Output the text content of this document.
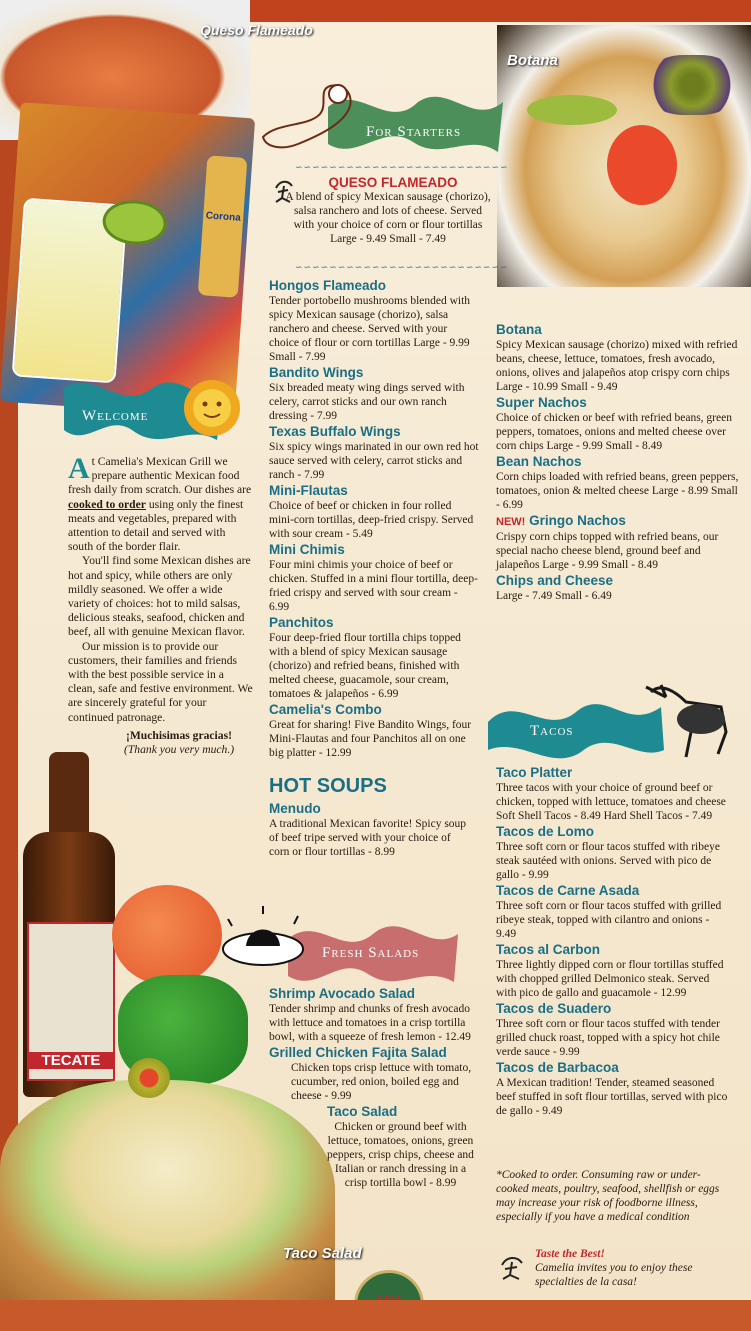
Queso Flameado
Corona
Botana
For Starters
∽∽∽∽∽∽∽∽∽∽∽∽∽∽∽∽∽∽∽∽∽∽∽∽∽
QUESO FLAMEADO
A blend of spicy Mexican sausage (chorizo), salsa ranchero and lots of cheese. Served with your choice of corn or flour tortillas
Large - 9.49 Small - 7.49
∽∽∽∽∽∽∽∽∽∽∽∽∽∽∽∽∽∽∽∽∽∽∽∽∽
Hongos Flameado
Tender portobello mushrooms blended with spicy Mexican sausage (chorizo), salsa ranchero and cheese. Served with your choice of flour or corn tortillas Large - 9.99 Small - 7.99
Bandito Wings
Six breaded meaty wing dings served with celery, carrot sticks and our own ranch dressing - 7.99
Texas Buffalo Wings
Six spicy wings marinated in our own red hot sauce served with celery, carrot sticks and ranch - 7.99
Mini-Flautas
Choice of beef or chicken in four rolled mini-corn tortillas, deep-fried crispy. Served with sour cream - 5.49
Mini Chimis
Four mini chimis your choice of beef or chicken. Stuffed in a mini flour tortilla, deep-fried crispy and served with sour cream - 6.99
Panchitos
Four deep-fried flour tortilla chips topped with a blend of spicy Mexican sausage (chorizo) and refried beans, finished with melted cheese, guacamole, sour cream, tomatoes & jalapeños - 6.99
Camelia's Combo
Great for sharing! Five Bandito Wings, four Mini-Flautas and four Panchitos all on one big platter - 12.99
Botana
Spicy Mexican sausage (chorizo) mixed with refried beans, cheese, lettuce, tomatoes, fresh avocado, onions, olives and jalapeños atop crispy corn chips Large - 10.99 Small - 9.49
Super Nachos
Choice of chicken or beef with refried beans, green peppers, tomatoes, onions and melted cheese over corn chips Large - 9.99 Small - 8.49
Bean Nachos
Corn chips loaded with refried beans, green peppers, tomatoes, onion & melted cheese Large - 8.99 Small - 6.99
NEW! Gringo Nachos
Crispy corn chips topped with refried beans, our special nacho cheese blend, ground beef and jalapeños Large - 9.99 Small - 8.49
Chips and Cheese
Large - 7.49 Small - 6.49
Welcome
At Camelia's Mexican Grill we prepare authentic Mexican food fresh daily from scratch. Our dishes are cooked to order using only the finest meats and vegetables, prepared with attention to detail and served with south of the border flair.
You'll find some Mexican dishes are hot and spicy, while others are only mildly seasoned. We offer a wide variety of choices: hot to mild salsas, delicious steaks, seafood, chicken and beef, all with genuine Mexican flavor.
Our mission is to provide our customers, their families and friends with the best possible service in a clean, safe and festive environment. We are sincerely grateful for your continued patronage.
¡Muchisimas gracias!
(Thank you very much.)
HOT SOUPS
Menudo
A traditional Mexican favorite! Spicy soup of beef tripe served with your choice of corn or flour tortillas - 8.99
TECATE
Taco Salad
Tacos
Taco Platter
Three tacos with your choice of ground beef or chicken, topped with lettuce, tomatoes and cheese Soft Shell Tacos - 8.49 Hard Shell Tacos - 7.49
Tacos de Lomo
Three soft corn or flour tacos stuffed with ribeye steak sautéed with onions. Served with pico de gallo - 9.99
Tacos de Carne Asada
Three soft corn or flour tacos stuffed with grilled ribeye steak, topped with cilantro and onions - 9.49
Tacos al Carbon
Three lightly dipped corn or flour tortillas stuffed with chopped grilled Delmonico steak. Served with pico de gallo and guacamole - 12.99
Tacos de Suadero
Three soft corn or flour tacos stuffed with tender grilled chuck roast, topped with a spicy hot chile verde sauce - 9.99
Tacos de Barbacoa
A Mexican tradition! Tender, steamed seasoned beef stuffed in soft flour tortillas, served with pico de gallo - 9.49
Fresh Salads
Shrimp Avocado Salad
Tender shrimp and chunks of fresh avocado with lettuce and tomatoes in a crisp tortilla bowl, with a squeeze of fresh lemon - 12.49
Grilled Chicken Fajita Salad
Chicken tops crisp lettuce with tomato, cucumber, red onion, boiled egg and cheese - 9.99
Taco Salad
Chicken or ground beef with lettuce, tomatoes, onions, green peppers, crisp chips, cheese and Italian or ranch dressing in a crisp tortilla bowl - 8.99
*Cooked to order. Consuming raw or under-cooked meats, poultry, seafood, shellfish or eggs may increase your risk of foodborne illness, especially if you have a medical condition
Taste the Best!
Camelia invites you to enjoy these specialties de la casa!
